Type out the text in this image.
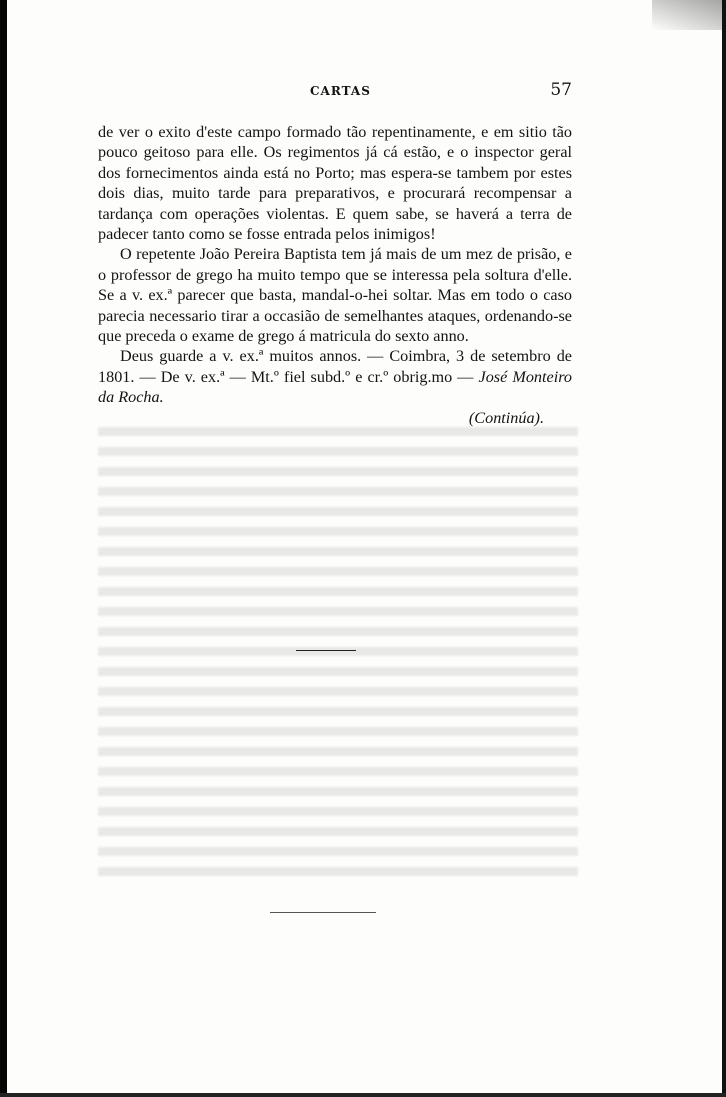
CARTAS	57

de ver o exito d'este campo formado tão repentinamente, e em sitio tão pouco geitoso para elle. Os regimentos já cá estão, e o inspector geral dos fornecimentos ainda está no Porto; mas espera-se tambem por estes dois dias, muito tarde para preparativos, e procurará recompensar a tardança com operações violentas. E quem sabe, se haverá a terra de padecer tanto como se fosse entrada pelos inimigos!

O repetente João Pereira Baptista tem já mais de um mez de prisão, e o professor de grego ha muito tempo que se interessa pela soltura d'elle. Se a v. ex.ª parecer que basta, mandal-o-hei soltar. Mas em todo o caso parecia necessario tirar a occasião de semelhantes ataques, ordenando-se que preceda o exame de grego á matricula do sexto anno.

Deus guarde a v. ex.ª muitos annos. — Coimbra, 3 de setembro de 1801. — De v. ex.ª — Mt.º fiel subd.º e cr.º obrig.mo — José Monteiro da Rocha.

(Continúa).
